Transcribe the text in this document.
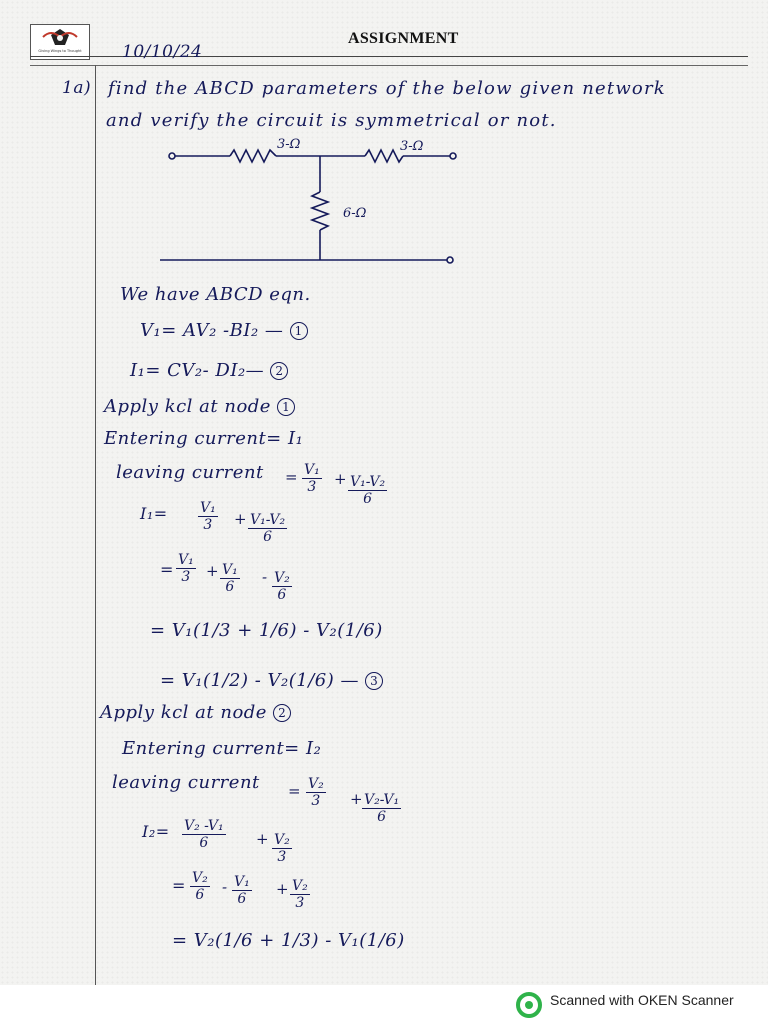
Giving Wings to Thought
ASSIGNMENT
10/10/24
1a) find the ABCD parameters of the below given network
and verify the circuit is symmetrical or not.
3-Ω	3-Ω
6-Ω
We have ABCD eqn.
V₁= AV₂ -BI₂ — 1
I₁= CV₂- DI₂— 2
Apply kcl at node 1
Entering current= I₁
leaving current = $\frac{\text{V₁}}{3} + \frac{\text{V₁-V₂}}{6}$
$I_1= \frac{\text{V₁}}{3} + \frac{\text{V₁-V₂}}{6}$
= $\frac{\text{V₁}}{3} + \frac{\text{V₁}}{6} - \frac{\text{V₂}}{6}$
= V₁(1/3 + 1/6) - V₂(1/6)
= V₁(1/2) - V₂(1/6) — 3
Apply kcl at node 2
Entering current= I₂
leaving current = $\frac{\text{V₂}}{3}$ +
$\frac{\text{V₂-V₁}}{6}$
$I_2= \frac{\text{V₂ -V₁}}{6} + \frac{\text{V₂}}{3}$
= $\frac{\text{V₂}}{6} - \frac{\text{V₁}}{6} + \frac{\text{V₂}}{3}$
= V₂(1/6 + 1/3) - V₁(1/6)
Scanned with OKEN Scanner
